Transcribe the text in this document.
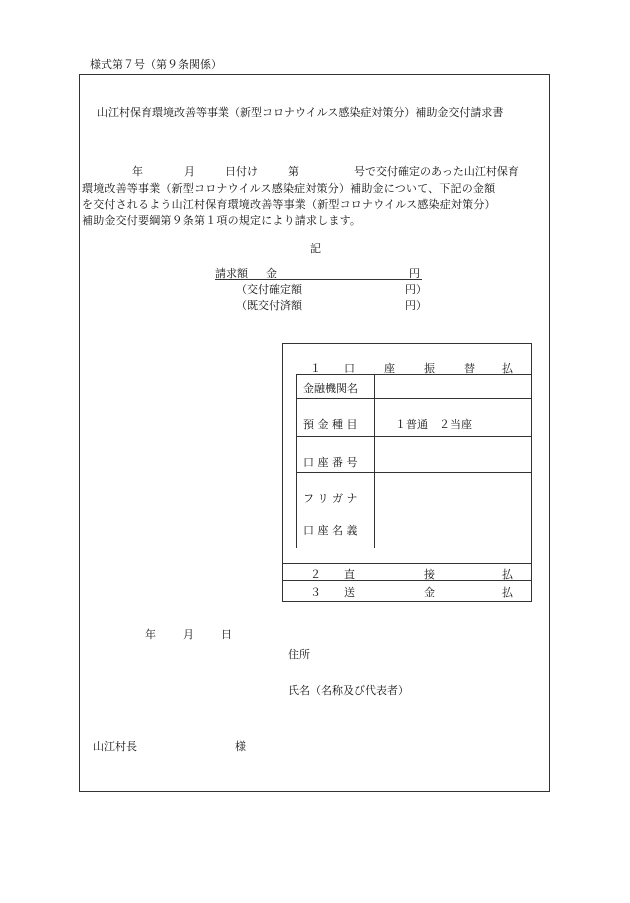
様式第７号（第９条関係）
山江村保育環境改善等事業（新型コロナウイルス感染症対策分）補助金交付請求書
年	月	日付け	第	号で交付確定のあった山江村保育
環境改善等事業（新型コロナウイルス感染症対策分）補助金について、下記の金額
を交付されるよう山江村保育環境改善等事業（新型コロナウイルス感染症対策分）
補助金交付要綱第９条第１項の規定により請求します。
記
請求額 金	円
（交付確定額	円）
（既交付済額	円）
１ 口	座	振	替 払
金融機関名
預 金 種 目	１普通　２当座
口 座 番 号
フ リ ガ ナ
口 座 名 義
２ 直	接	払
３ 送	金	払
年 月 日
住所
氏名（名称及び代表者）
山江村長	様
